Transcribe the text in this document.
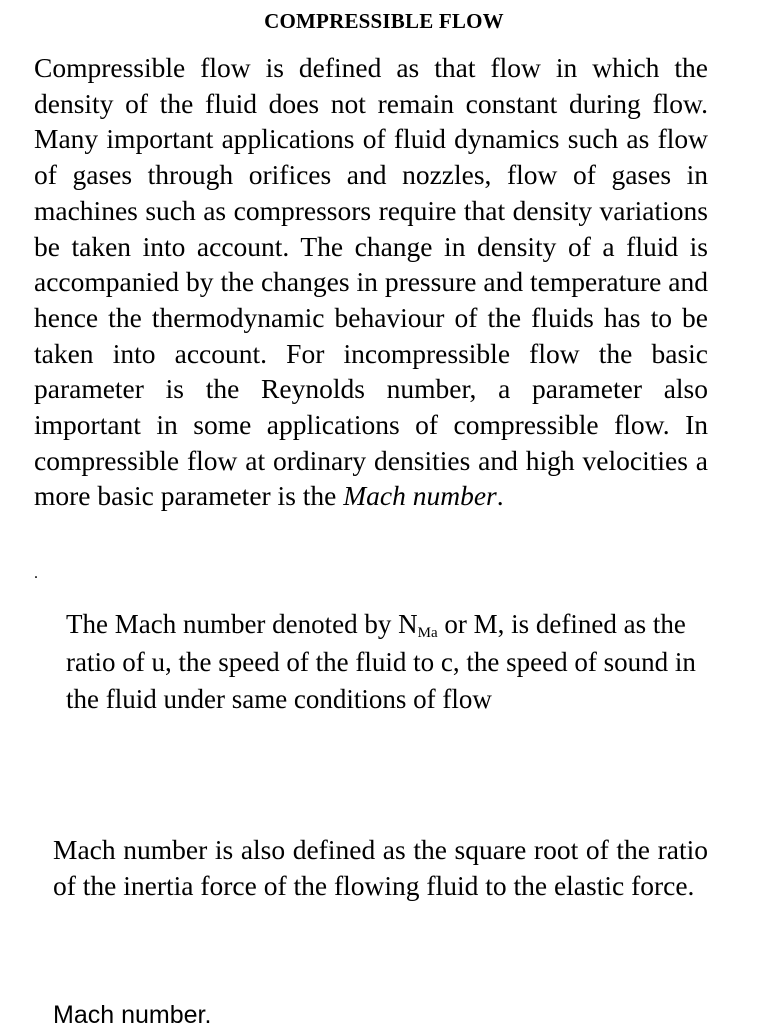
COMPRESSIBLE FLOW

Compressible flow is defined as that flow in which the density of the fluid does not remain constant during flow. Many important applications of fluid dynamics such as flow of gases through orifices and nozzles, flow of gases in machines such as compressors require that density variations be taken into account. The change in density of a fluid is accompanied by the changes in pressure and temperature and hence the thermodynamic behaviour of the fluids has to be taken into account. For incompressible flow the basic parameter is the Reynolds number, a parameter also important in some applications of compressible flow. In compressible flow at ordinary densities and high velocities a more basic parameter is the Mach number.

.

The Mach number denoted by $N_{Ma}$ or M, is defined as the ratio of u, the speed of the fluid to c, the speed of sound in the fluid under same conditions of flow

Mach number is also defined as the square root of the ratio of the inertia force of the flowing fluid to the elastic force.

Mach number.
